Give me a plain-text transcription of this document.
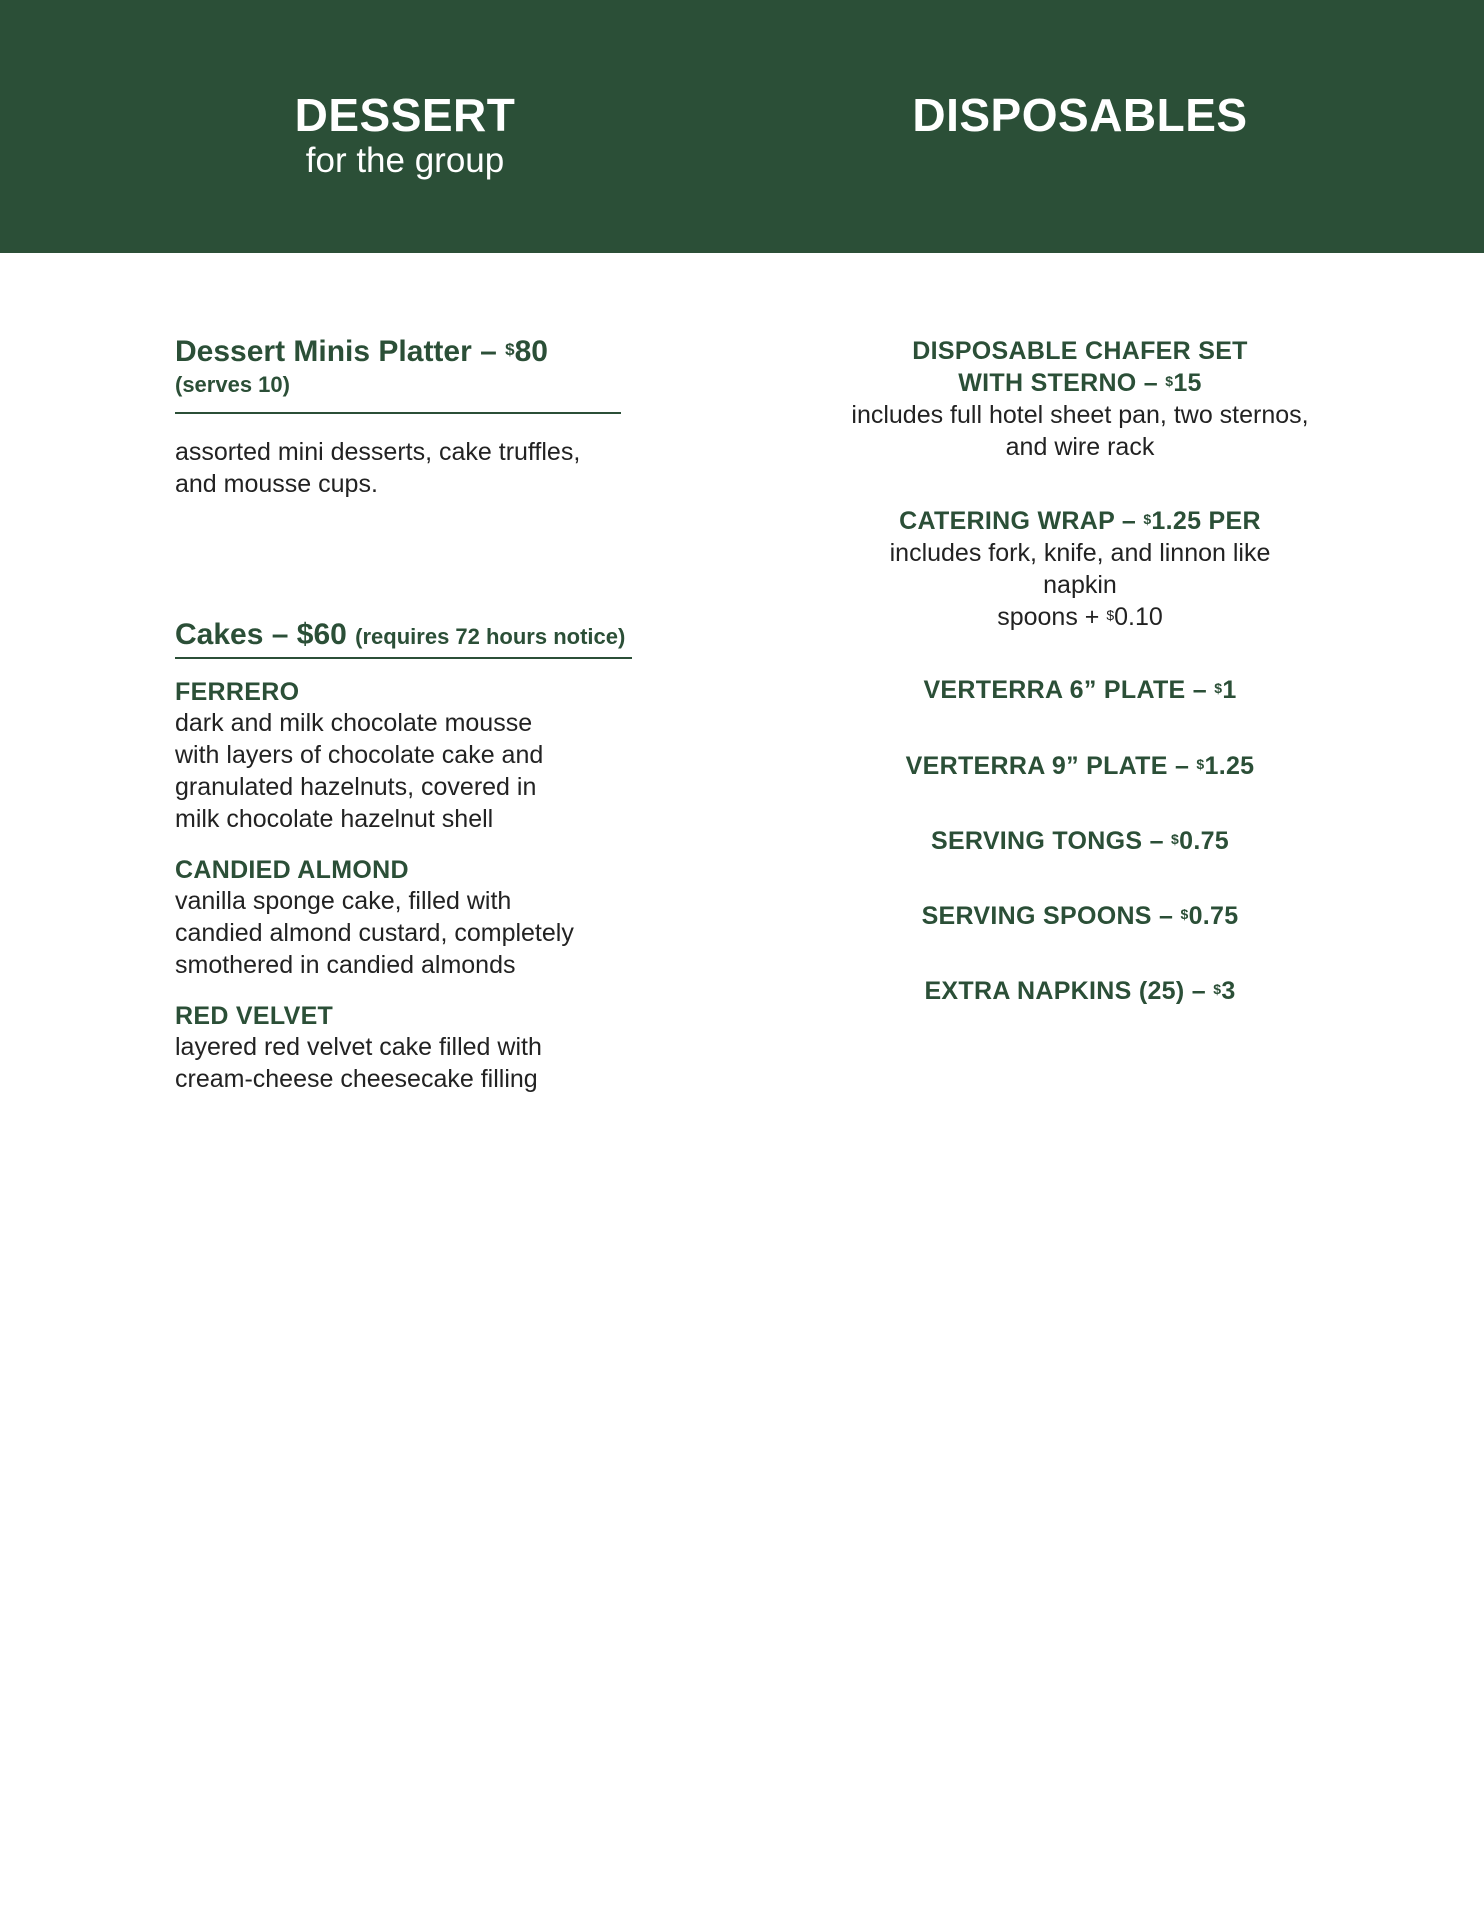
DESSERT
for the group
DISPOSABLES
Dessert Minis Platter – $80
(serves 10)
assorted mini desserts, cake truffles,
and mousse cups.
Cakes – $60 (requires 72 hours notice)
FERRERO
dark and milk chocolate mousse
with layers of chocolate cake and
granulated hazelnuts, covered in
milk chocolate hazelnut shell
CANDIED ALMOND
vanilla sponge cake, filled with
candied almond custard, completely
smothered in candied almonds
RED VELVET
layered red velvet cake filled with
cream-cheese cheesecake filling
DISPOSABLE CHAFER SET
WITH STERNO – $15
includes full hotel sheet pan, two sternos,
and wire rack
CATERING WRAP – $1.25 PER
includes fork, knife, and linnon like
napkin
spoons + $0.10
VERTERRA 6” PLATE – $1
VERTERRA 9” PLATE – $1.25
SERVING TONGS – $0.75
SERVING SPOONS – $0.75
EXTRA NAPKINS (25) – $3
